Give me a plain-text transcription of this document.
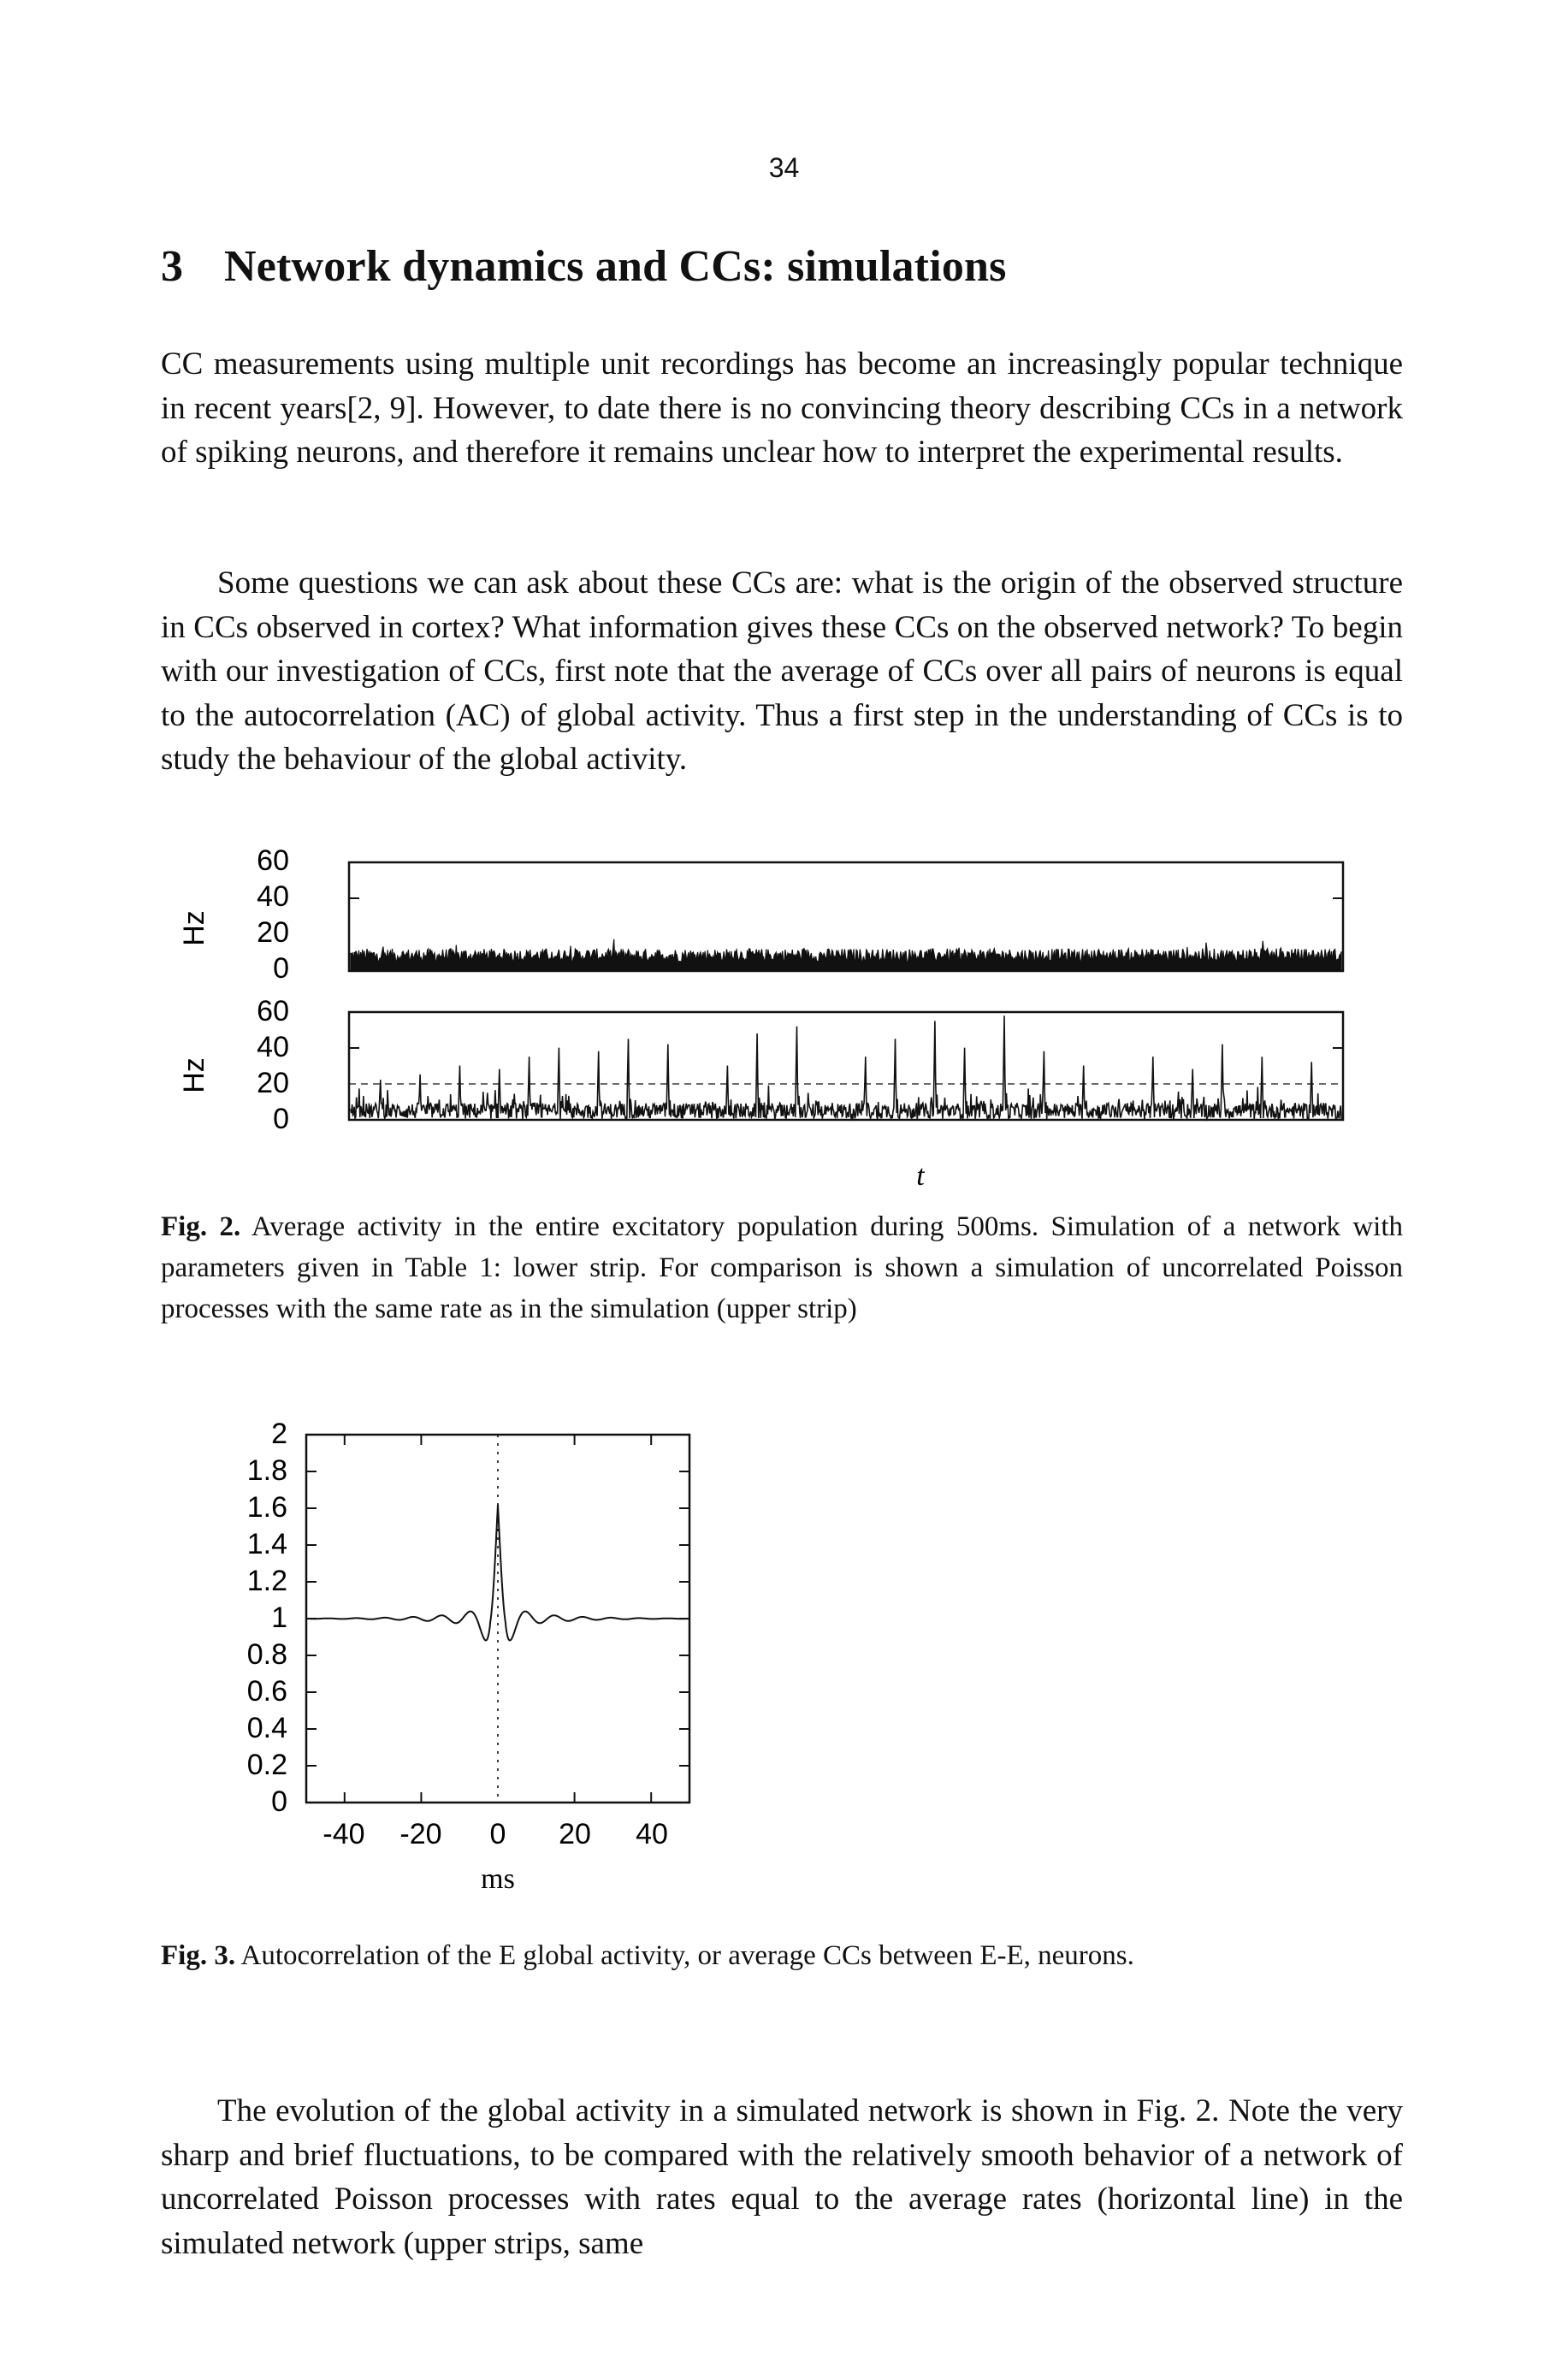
34
3 Network dynamics and CCs: simulations

CC measurements using multiple unit recordings has become an increasingly popular technique in recent years[2, 9]. However, to date there is no convincing theory describing CCs in a network of spiking neurons, and therefore it remains unclear how to interpret the experimental results.

Some questions we can ask about these CCs are: what is the origin of the observed structure in CCs observed in cortex? What information gives these CCs on the observed network? To begin with our investigation of CCs, first note that the average of CCs over all pairs of neurons is equal to the autocorrelation (AC) of global activity. Thus a first step in the understanding of CCs is to study the behaviour of the global activity.

Hz
60
40
20
0
Hz
60
40
20
0
t

Fig. 2. Average activity in the entire excitatory population during 500ms. Simulation of a network with parameters given in Table 1: lower strip. For comparison is shown a simulation of uncorrelated Poisson processes with the same rate as in the simulation (upper strip)

2
1.8
1.6
1.4
1.2
1
0.8
0.6
0.4
0.2
0
-40 -20 0 20 40
ms

Fig. 3. Autocorrelation of the E global activity, or average CCs between E-E, neurons.

The evolution of the global activity in a simulated network is shown in Fig. 2. Note the very sharp and brief fluctuations, to be compared with the relatively smooth behavior of a network of uncorrelated Poisson processes with rates equal to the average rates (horizontal line) in the simulated network (upper strips, same
